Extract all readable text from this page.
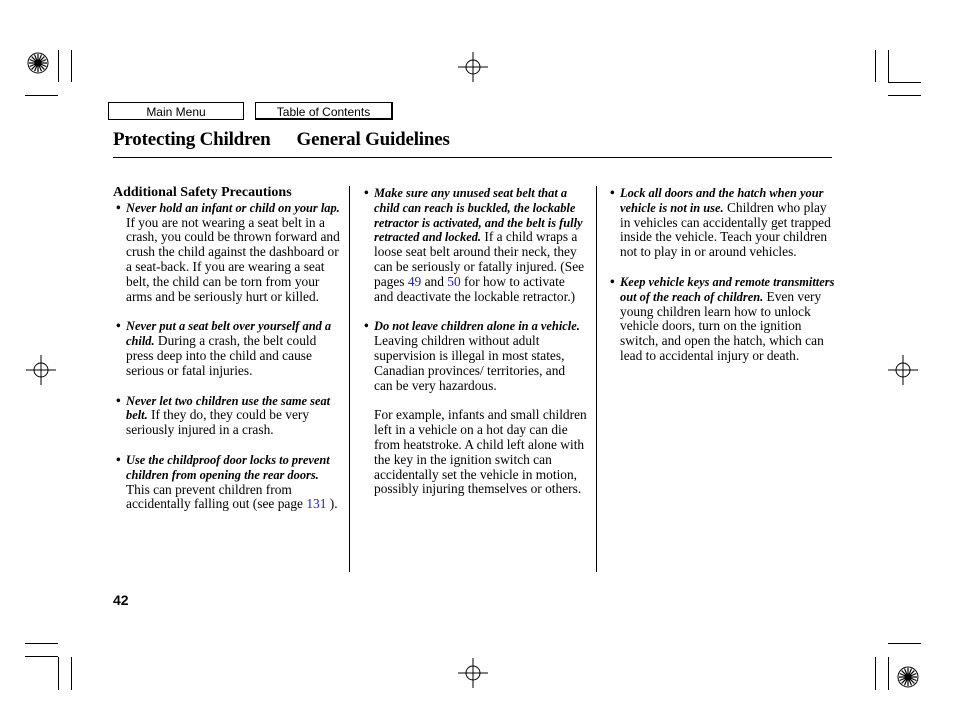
Main Menu	Table of Contents
Protecting Children General Guidelines

Additional Safety Precautions

• Never hold an infant or child on your lap. If you are not wearing a seat belt in a crash, you could be thrown forward and crush the child against the dashboard or a seat-back. If you are wearing a seat belt, the child can be torn from your arms and be seriously hurt or killed.
• Never put a seat belt over yourself and a child. During a crash, the belt could press deep into the child and cause serious or fatal injuries.
• Never let two children use the same seat belt. If they do, they could be very seriously injured in a crash.
• Use the childproof door locks to prevent children from opening the rear doors. This can prevent children from accidentally falling out (see page 131 ).
• Make sure any unused seat belt that a child can reach is buckled, the lockable retractor is activated, and the belt is fully retracted and locked. If a child wraps a loose seat belt around their neck, they can be seriously or fatally injured. (See pages 49 and 50 for how to activate and deactivate the lockable retractor.)
• Do not leave children alone in a vehicle. Leaving children without adult supervision is illegal in most states, Canadian provinces/ territories, and can be very hazardous.

For example, infants and small children left in a vehicle on a hot day can die from heatstroke. A child left alone with the key in the ignition switch can accidentally set the vehicle in motion, possibly injuring themselves or others.

• Lock all doors and the hatch when your vehicle is not in use. Children who play in vehicles can accidentally get trapped inside the vehicle. Teach your children not to play in or around vehicles.
• Keep vehicle keys and remote transmitters out of the reach of children. Even very young children learn how to unlock vehicle doors, turn on the ignition switch, and open the hatch, which can lead to accidental injury or death.
42
